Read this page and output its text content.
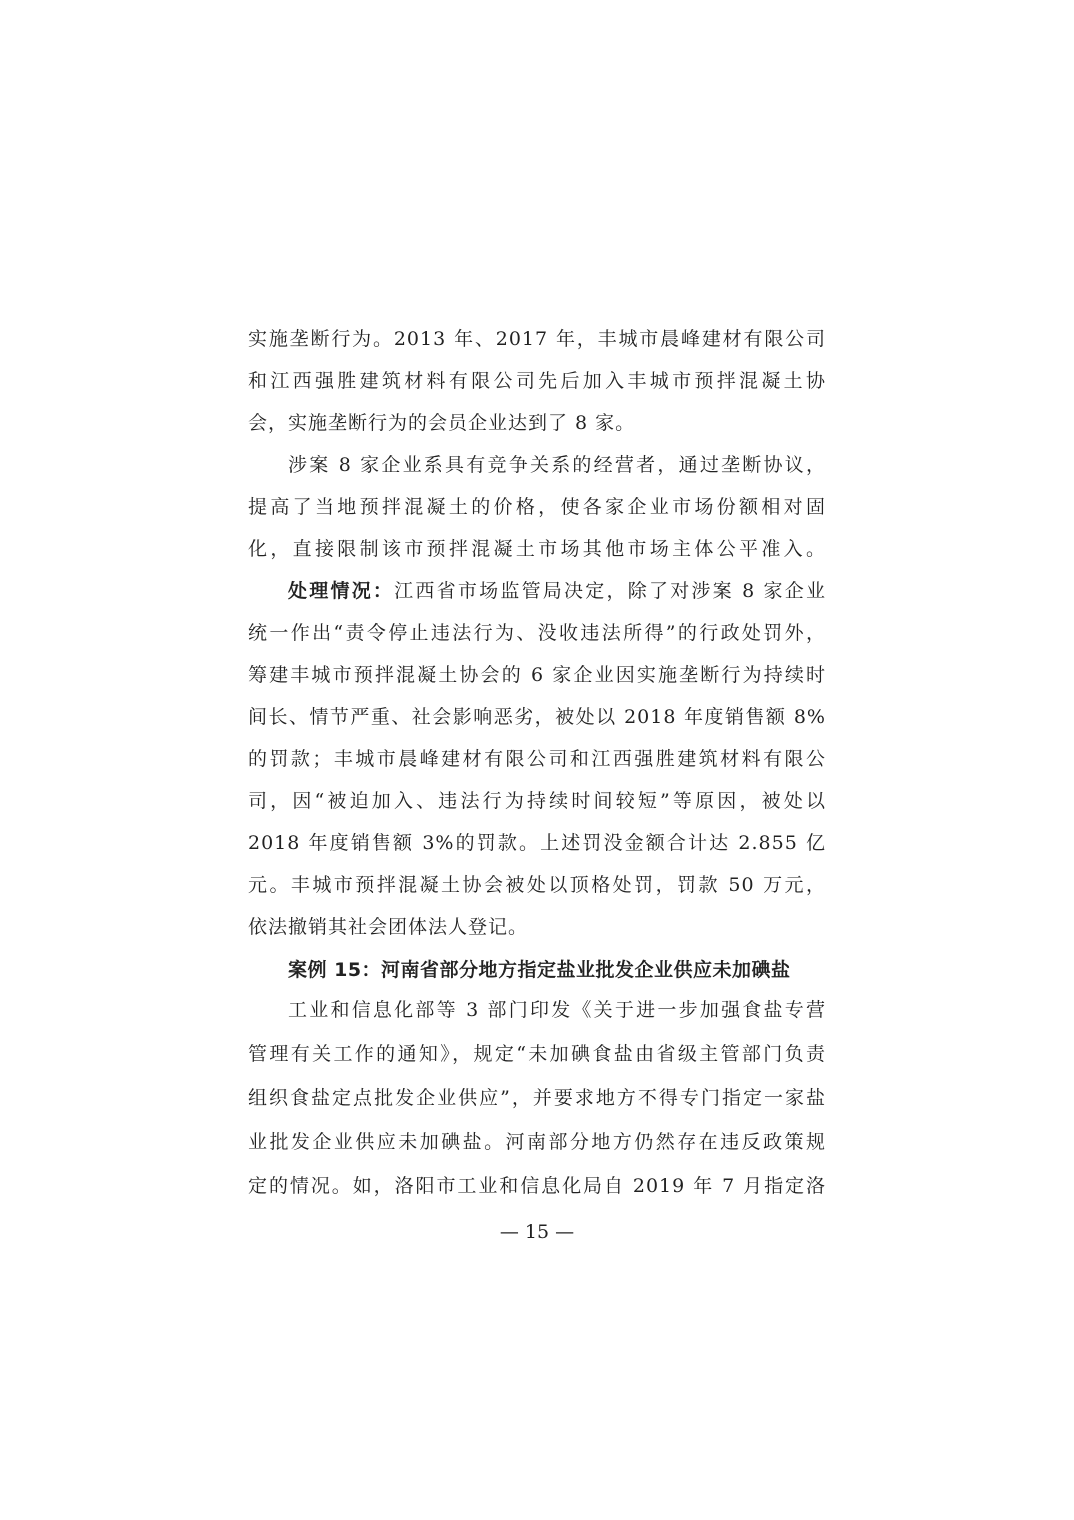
实施垄断行为。2013 年、2017 年，丰城市晨峰建材有限公司
和江西强胜建筑材料有限公司先后加入丰城市预拌混凝土协
会，实施垄断行为的会员企业达到了 8 家。
涉案 8 家企业系具有竞争关系的经营者，通过垄断协议，
提高了当地预拌混凝土的价格，使各家企业市场份额相对固
化，直接限制该市预拌混凝土市场其他市场主体公平准入。
处理情况：江西省市场监管局决定，除了对涉案 8 家企业
统一作出“责令停止违法行为、没收违法所得”的行政处罚外，
筹建丰城市预拌混凝土协会的 6 家企业因实施垄断行为持续时
间长、情节严重、社会影响恶劣，被处以 2018 年度销售额 8%
的罚款；丰城市晨峰建材有限公司和江西强胜建筑材料有限公
司，因“被迫加入、违法行为持续时间较短”等原因，被处以
2018 年度销售额 3%的罚款。上述罚没金额合计达 2.855 亿
元。丰城市预拌混凝土协会被处以顶格处罚，罚款 50 万元，
依法撤销其社会团体法人登记。
案例 15：河南省部分地方指定盐业批发企业供应未加碘盐
工业和信息化部等 3 部门印发《关于进一步加强食盐专营
管理有关工作的通知》，规定“未加碘食盐由省级主管部门负责
组织食盐定点批发企业供应”，并要求地方不得专门指定一家盐
业批发企业供应未加碘盐。河南部分地方仍然存在违反政策规
定的情况。如，洛阳市工业和信息化局自 2019 年 7 月指定洛
— 15 —
